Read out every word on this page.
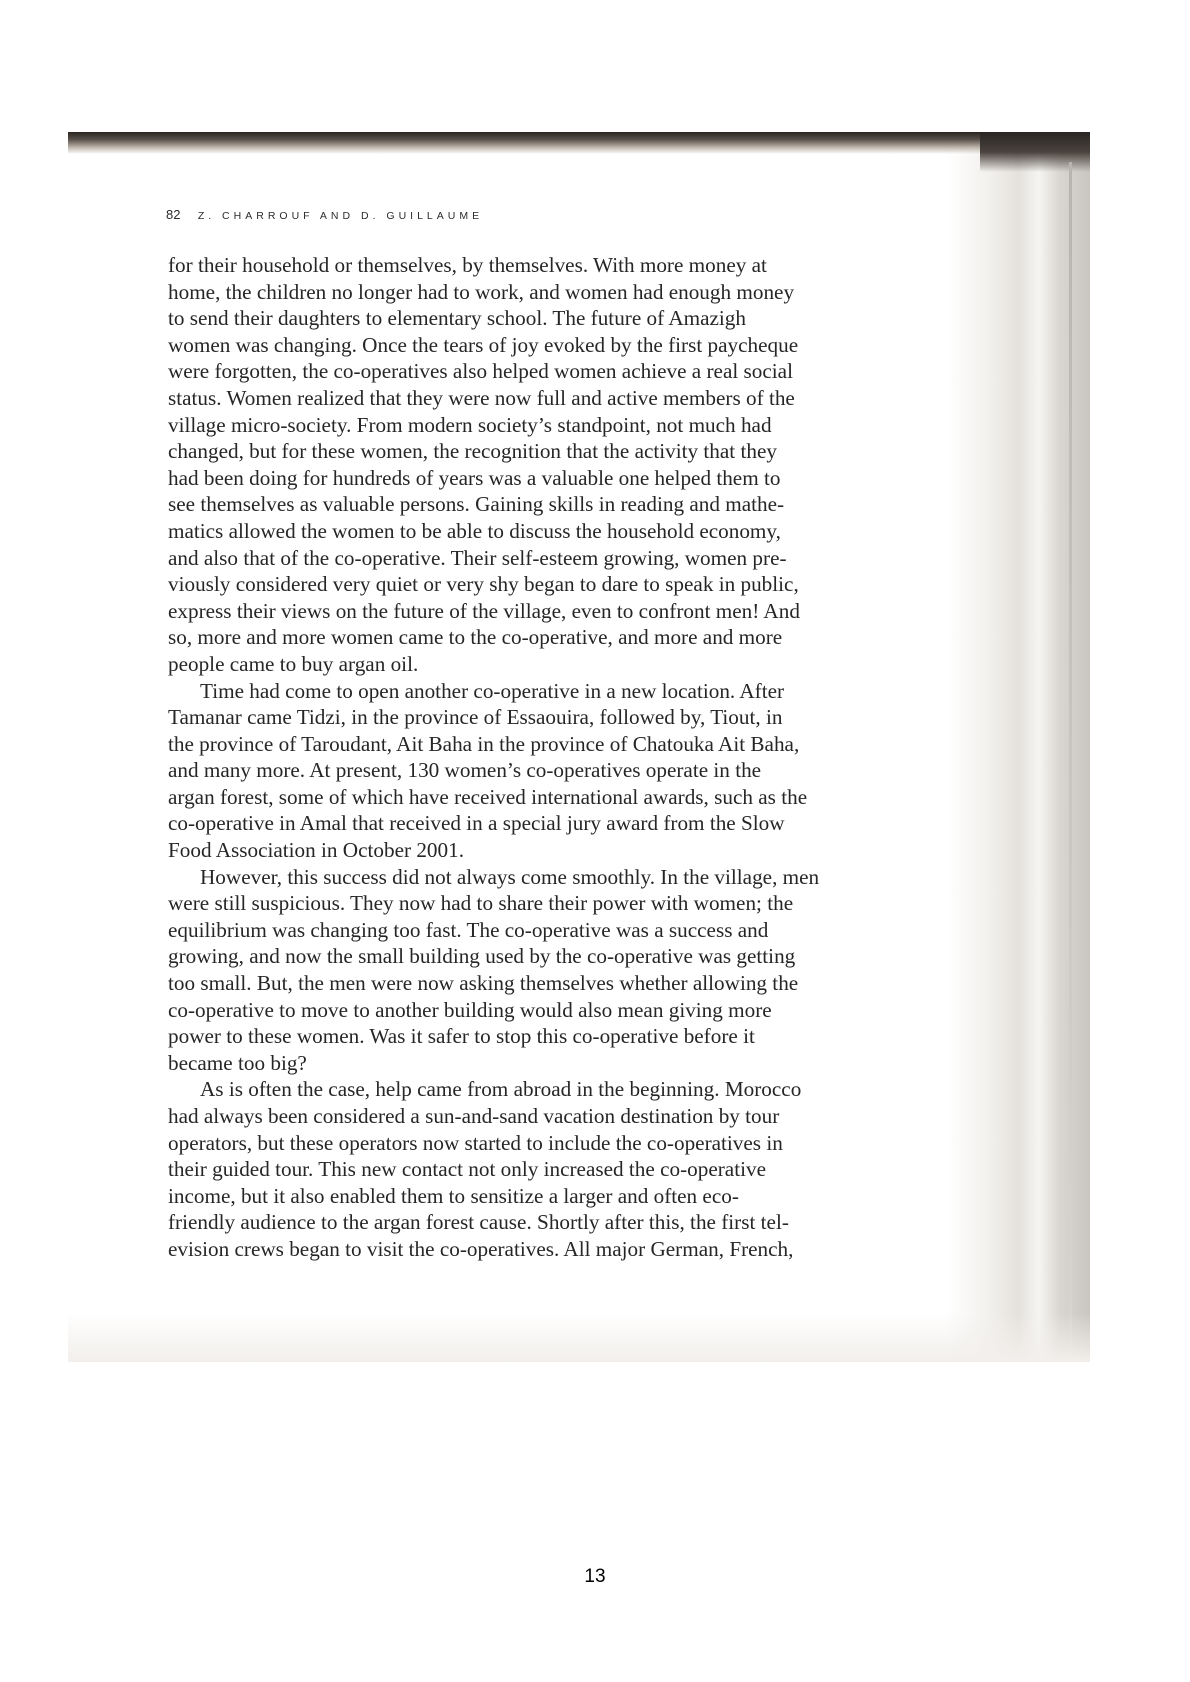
82 Z. CHARROUF AND D. GUILLAUME
for their household or themselves, by themselves. With more money at
home, the children no longer had to work, and women had enough money
to send their daughters to elementary school. The future of Amazigh
women was changing. Once the tears of joy evoked by the first paycheque
were forgotten, the co-operatives also helped women achieve a real social
status. Women realized that they were now full and active members of the
village micro-society. From modern society’s standpoint, not much had
changed, but for these women, the recognition that the activity that they
had been doing for hundreds of years was a valuable one helped them to
see themselves as valuable persons. Gaining skills in reading and mathe-
matics allowed the women to be able to discuss the household economy,
and also that of the co-operative. Their self-esteem growing, women pre-
viously considered very quiet or very shy began to dare to speak in public,
express their views on the future of the village, even to confront men! And
so, more and more women came to the co-operative, and more and more
people came to buy argan oil.
Time had come to open another co-operative in a new location. After
Tamanar came Tidzi, in the province of Essaouira, followed by, Tiout, in
the province of Taroudant, Ait Baha in the province of Chatouka Ait Baha,
and many more. At present, 130 women’s co-operatives operate in the
argan forest, some of which have received international awards, such as the
co-operative in Amal that received in a special jury award from the Slow
Food Association in October 2001.
However, this success did not always come smoothly. In the village, men
were still suspicious. They now had to share their power with women; the
equilibrium was changing too fast. The co-operative was a success and
growing, and now the small building used by the co-operative was getting
too small. But, the men were now asking themselves whether allowing the
co-operative to move to another building would also mean giving more
power to these women. Was it safer to stop this co-operative before it
became too big?
As is often the case, help came from abroad in the beginning. Morocco
had always been considered a sun-and-sand vacation destination by tour
operators, but these operators now started to include the co-operatives in
their guided tour. This new contact not only increased the co-operative
income, but it also enabled them to sensitize a larger and often eco-
friendly audience to the argan forest cause. Shortly after this, the first tel-
evision crews began to visit the co-operatives. All major German, French,
13
